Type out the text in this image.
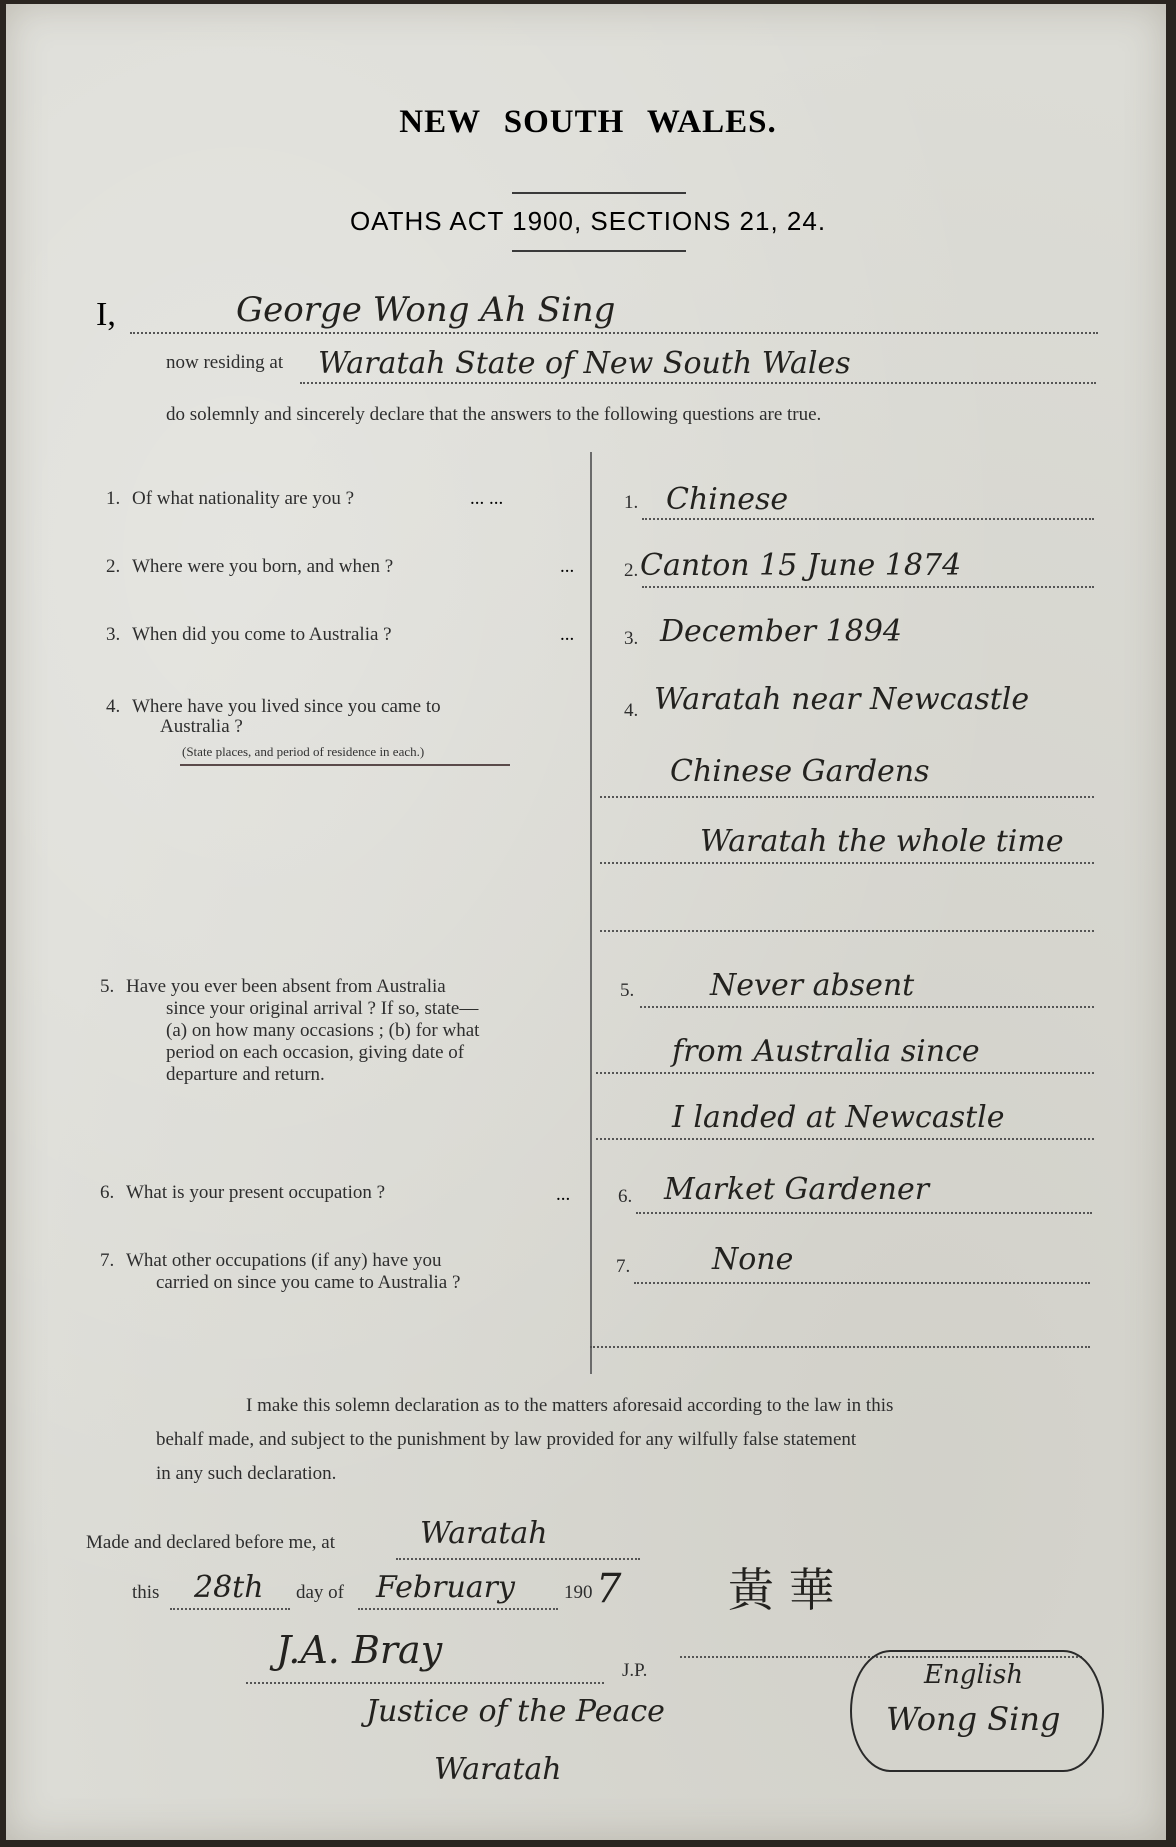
NEW SOUTH WALES.
OATHS ACT 1900, SECTIONS 21, 24.
I,	George Wong Ah Sing
now residing at Waratah State of New South Wales
do solemnly and sincerely declare that the answers to the following questions are true.
1. Of what nationality are you ?	... ...	1. Chinese
2. Where were you born, and when ?	...	2. Canton 15 June 1874
3. When did you come to Australia ?	...	3. December 1894
4. Where have you lived since you came to
Australia ?
(State places, and period of residence in each.)
4. Waratah near Newcastle
Chinese Gardens
Waratah the whole time
5. Have you ever been absent from Australia
since your original arrival ? If so, state—
(a) on how many occasions ; (b) for what
period on each occasion, giving date of
departure and return.
5.	Never absent
from Australia since
I landed at Newcastle
6. What is your present occupation ?	...	6. Market Gardener
7. What other occupations (if any) have you
carried on since you came to Australia ?
7.	None
I make this solemn declaration as to the matters aforesaid according to the law in this
behalf made, and subject to the punishment by law provided for any wilfully false statement
in any such declaration.
Made and declared before me, at	Waratah
this 28th day of February	190 7 黃 華
J.A. Bray	J.P.
Justice of the Peace
Waratah
English
Wong Sing
